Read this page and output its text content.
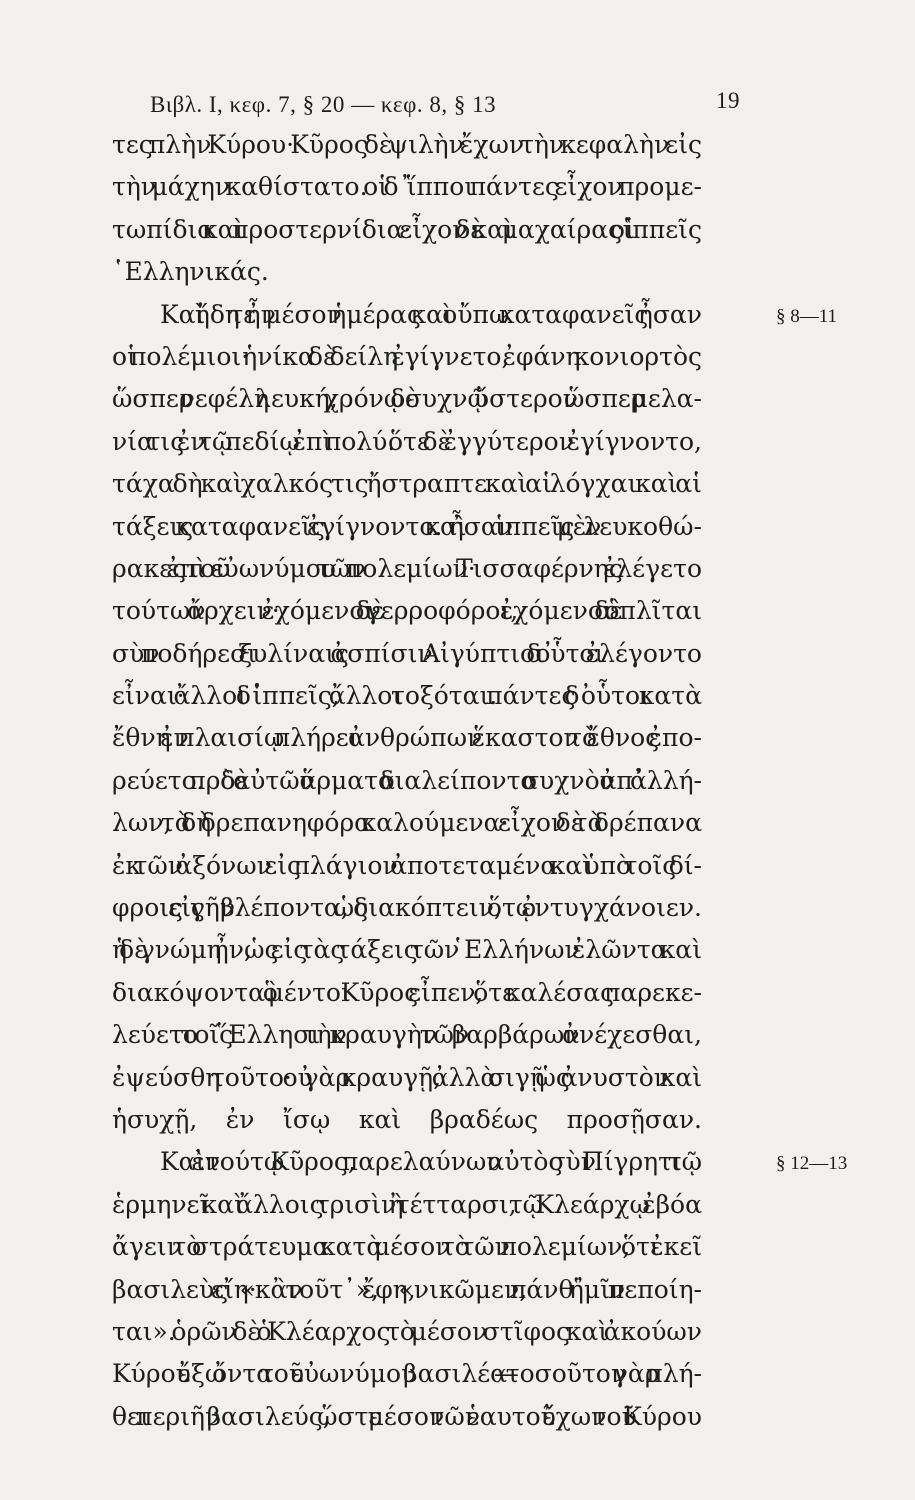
Βιβλ. Ι, κεφ. 7, § 20 — κεφ. 8, § 13	19
τες πλὴν Κύρου· Κῦρος δὲ ψιλὴν ἔχων τὴν κεφαλὴν εἰς
τὴν μάχην καθίστατο. οἱ δ᾽ ἵπποι πάντες εἶχον προμε-
τωπίδια καὶ προστερνίδια· εἶχον δὲ καὶ μαχαίρας οἱ ἱππεῖς
῾Ελληνικάς.
Καὶ ἤδη τε ἦν μέσον ἡμέρας καὶ οὔπω καταφανεῖς ἦσαν	§ 8—11
οἱ πολέμιοι· ἡνίκα δὲ δείλη ἐγίγνετο, ἐφάνη κονιορτὸς
ὥσπερ νεφέλη λευκή, χρόνῳ δὲ συχνῷ ὕστερον ὥσπερ μελα-
νία τις ἐν τῷ πεδίῳ ἐπὶ πολύ. ὅτε δὲ ἐγγύτερον ἐγίγνοντο,
τάχα δὴ καὶ χαλκός τις ἤστραπτε καὶ αἱ λόγχαι καὶ αἱ
τάξεις καταφανεῖς ἐγίγνοντο. καὶ ἦσαν ἱππεῖς μὲν λευκοθώ-
ρακες ἐπὶ τοῦ εὐωνύμου τῶν πολεμίων· Τισσαφέρνης ἐλέγετο
τούτων ἄρχειν· ἐχόμενοι δὲ γερροφόροι, ἐχόμενοι δὲ ὁπλῖται
σὺν ποδήρεσι ξυλίναις ἀσπίσιν. Αἰγύπτιοι δ᾽ οὗτοι ἐλέγοντο
εἶναι· ἄλλοι δ᾽ ἱππεῖς, ἄλλοι τοξόται. πάντες δ᾽ οὗτοι κατὰ
ἔθνη ἐν πλαισίῳ πλήρει ἀνθρώπων ἕκαστον τὸ ἔθνος ἐπο-
ρεύετο. πρὸ δὲ αὐτῶν ἅρματα διαλείποντα συχνὸν ἀπ᾽ ἀλλή-
λων, τὰ δὴ δρεπανηφόρα καλούμενα· εἶχον δὲ τὰ δρέπανα
ἐκ τῶν ἀξόνων εἰς πλάγιον ἀποτεταμένα καὶ ὑπὸ τοῖς δί-
φροις εἰς γῆν βλέποντα, ὡς διακόπτειν, ὅτῳ ἐντυγχάνοιεν.
ἡ δὲ γνώμη ἦν, ὡς εἰς τὰς τάξεις τῶν ῾Ελλήνων ἐλῶντα καὶ
διακόψοντα. ὃ μέντοι Κῦρος εἶπεν, ὅτε καλέσας παρεκε-
λεύετο τοῖς ῞Ελλησι τὴν κραυγὴν τῶν βαρβάρων ἀνέχεσθαι,
ἐψεύσθη τοῦτο· οὐ γὰρ κραυγῇ, ἀλλὰ σιγῇ ὡς ἀνυστὸν καὶ
ἡσυχῇ, ἐν ἴσῳ καὶ βραδέως προσῇσαν.
Καὶ ἐν τούτῳ Κῦρος, παρελαύνων αὐτὸς σὺν Πίγρητι τῷ	§ 12—13
ἑρμηνεῖ καὶ ἄλλοις τρισὶν ἢ τέτταρσι, τῷ Κλεάρχῳ ἐβόα
ἄγειν τὸ στράτευμα κατὰ μέσον τὸ τῶν πολεμίων, ὅτι ἐκεῖ
βασιλεὺς εἴη· «κἂν τοῦτ᾽», ἔφη, «νικῶμεν, πάνθ᾽ ἡμῖν πεποίη-
ται». ὁρῶν δὲ ὁ Κλέαρχος τὸ μέσον στῖφος καὶ ἀκούων
Κύρου ἔξω ὄντα τοῦ εὐωνύμου βασιλέα — τοσοῦτον γὰρ πλή-
θει περιῆν βασιλεύς, ὥστε μέσον τῶν ἑαυτοῦ ἔχων τοῦ Κύρου
